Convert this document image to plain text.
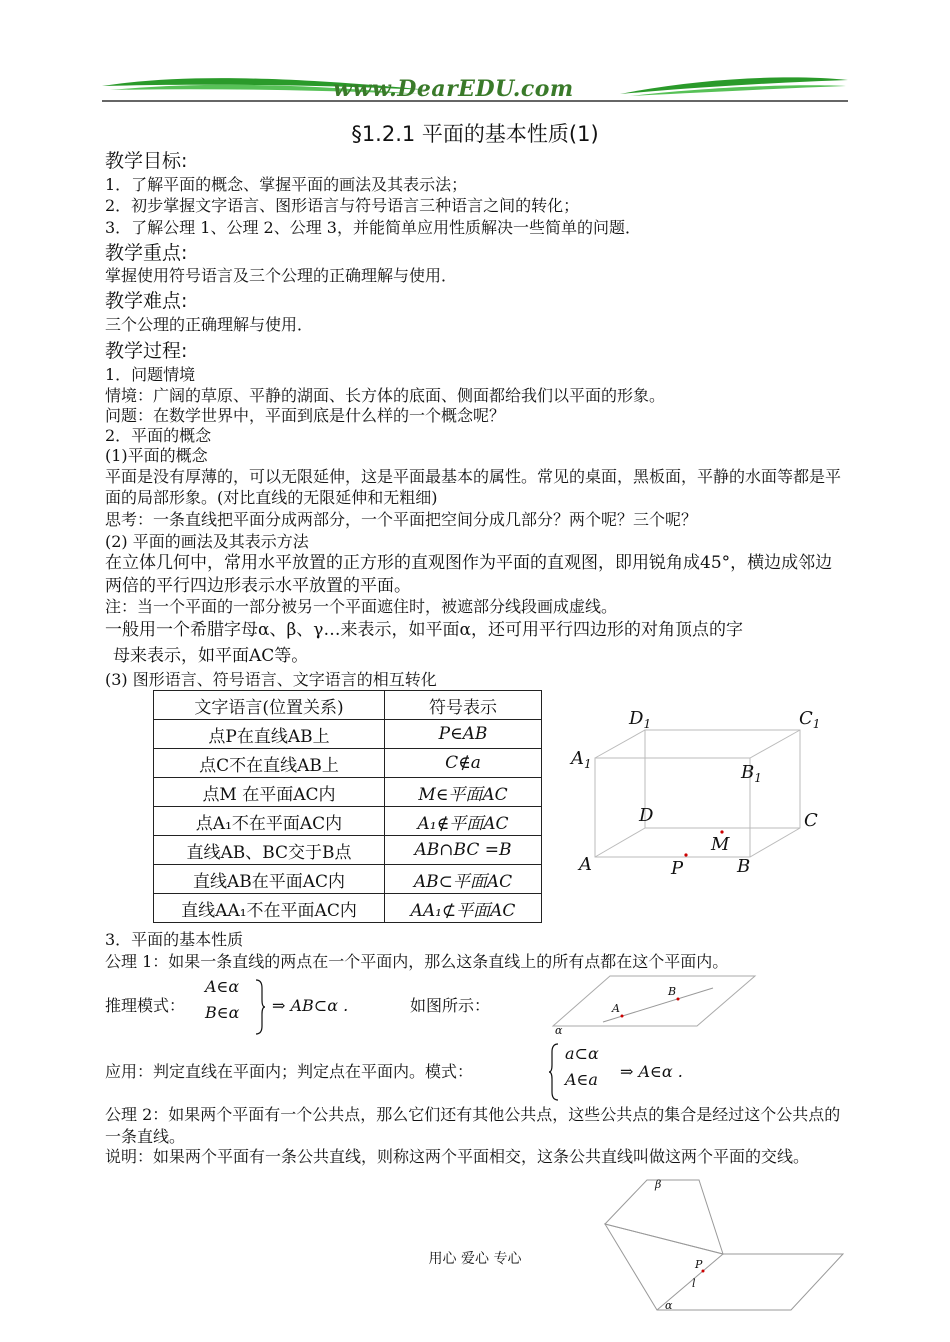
www.DearEDU.com
§1.2.1 平面的基本性质(1)
教学目标:
1．了解平面的概念、掌握平面的画法及其表示法；
2．初步掌握文字语言、图形语言与符号语言三种语言之间的转化；
3．了解公理 1、公理 2、公理 3，并能简单应用性质解决一些简单的问题．
教学重点:
掌握使用符号语言及三个公理的正确理解与使用．
教学难点:
三个公理的正确理解与使用．
教学过程:
1．问题情境
情境：广阔的草原、平静的湖面、长方体的底面、侧面都给我们以平面的形象。
问题：在数学世界中，平面到底是什么样的一个概念呢？
2．平面的概念
(1)平面的概念
平面是没有厚薄的，可以无限延伸，这是平面最基本的属性。常见的桌面，黑板面，平静的水面等都是平面的局部形象。(对比直线的无限延伸和无粗细)
思考：一条直线把平面分成两部分，一个平面把空间分成几部分？两个呢？三个呢？
(2) 平面的画法及其表示方法
在立体几何中，常用水平放置的正方形的直观图作为平面的直观图，即用锐角成45°，横边成邻边两倍的平行四边形表示水平放置的平面。
注：当一个平面的一部分被另一个平面遮住时，被遮部分线段画成虚线。
一般用一个希腊字母α、β、γ…来表示，如平面α，还可用平行四边形的对角顶点的字
母来表示，如平面AC等。
(3) 图形语言、符号语言、文字语言的相互转化
文字语言(位置关系)	符号表示
点P在直线AB上	P∈AB
点C不在直线AB上	C∉a
点M 在平面AC内	M∈平面AC
点A₁不在平面AC内	A₁∉平面AC
直线AB、BC交于B点	AB∩BC =B
直线AB在平面AC内	AB⊂平面AC
直线AA₁不在平面AC内	AA₁⊄平面AC
$D_1$	$C_1$
$A_1$	$B_1$
D	C
A	B
M
P
3．平面的基本性质
公理 1：如果一条直线的两点在一个平面内，那么这条直线上的所有点都在这个平面内。
推理模式：
A∈α
B∈α ⇒ AB⊂α .	如图所示：	A
B
α
应用：判定直线在平面内；判定点在平面内。模式：
a⊂α
A∈a ⇒ A∈α .
公理 2：如果两个平面有一个公共点，那么它们还有其他公共点，这些公共点的集合是经过这个公共点的一条直线。
说明：如果两个平面有一条公共直线，则称这两个平面相交，这条公共直线叫做这两个平面的交线。
β
P
l
α
用心 爱心 专心
